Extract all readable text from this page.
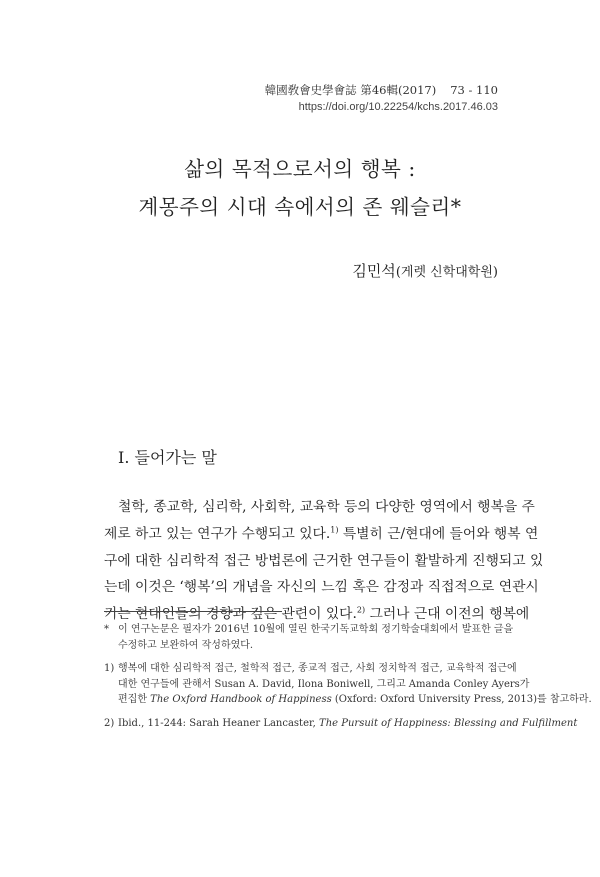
韓國敎會史學會誌 第46輯(2017) 73 - 110
https://doi.org/10.22254/kchs.2017.46.03
삶의 목적으로서의 행복 :
계몽주의 시대 속에서의 존 웨슬리*
김민석(게렛 신학대학원)
I. 들어가는 말
철학, 종교학, 심리학, 사회학, 교육학 등의 다양한 영역에서 행복을 주
제로 하고 있는 연구가 수행되고 있다.$^{1)}$ 특별히 근/현대에 들어와 행복 연
구에 대한 심리학적 접근 방법론에 근거한 연구들이 활발하게 진행되고 있
는데 이것은 ‘행복’의 개념을 자신의 느낌 혹은 감정과 직접적으로 연관시
키는 현대인들의 경향과 깊은 관련이 있다.$^{2)}$ 그러나 근대 이전의 행복에
* 이 연구논문은 필자가 2016년 10월에 열린 한국기독교학회 정기학술대회에서 발표한 글을
수정하고 보완하여 작성하였다.
1) 행복에 대한 심리학적 접근, 철학적 접근, 종교적 접근, 사회 정치학적 접근, 교육학적 접근에
대한 연구들에 관해서 Susan A. David, Ilona Boniwell, 그리고 Amanda Conley Ayers가
편집한 The Oxford Handbook of Happiness (Oxford: Oxford University Press, 2013)를 참고하라.
2) Ibid., 11-244: Sarah Heaner Lancaster, The Pursuit of Happiness: Blessing and Fulfillment
